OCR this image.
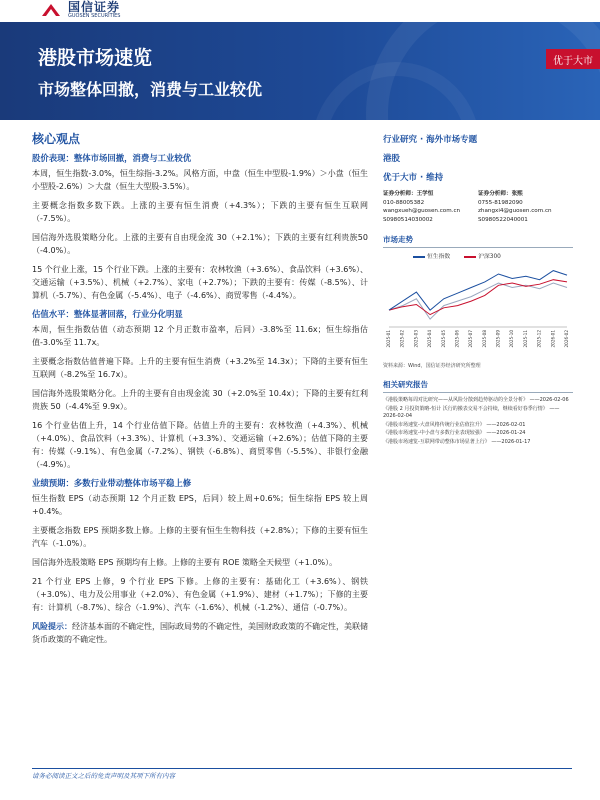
国信证券
GUOSEN SECURITIES
港股市场速览
市场整体回撤，消费与工业较优
优于大市
核心观点
股价表现：整体市场回撤，消费与工业较优

本周，恒生指数-3.0%，恒生综指-3.2%。风格方面，中盘（恒生中型股-1.9%）＞小盘（恒生小型股-2.6%）＞大盘（恒生大型股-3.5%）。

主要概念指数多数下跌。上涨的主要有恒生消费（+4.3%）；下跌的主要有恒生互联网（-7.5%）。

国信海外选股策略分化。上涨的主要有自由现金流 30（+2.1%）；下跌的主要有红利贵族50（-4.0%）。

15 个行业上涨，15 个行业下跌。上涨的主要有：农林牧渔（+3.6%）、食品饮料（+3.6%）、交通运输（+3.5%）、机械（+2.7%）、家电（+2.7%）；下跌的主要有：传媒（-8.5%）、计算机（-5.7%）、有色金属（-5.4%）、电子（-4.6%）、商贸零售（-4.4%）。

估值水平：整体显著回落，行业分化明显

本周，恒生指数估值（动态预期 12 个月正数市盈率，后同）-3.8%至 11.6x；恒生综指估值-3.0%至 11.7x。

主要概念指数估值普遍下降。上升的主要有恒生消费（+3.2%至 14.3x）；下降的主要有恒生互联网（-8.2%至 16.7x）。

国信海外选股策略分化。上升的主要有自由现金流 30（+2.0%至 10.4x）；下降的主要有红利贵族 50（-4.4%至 9.9x）。

16 个行业估值上升，14 个行业估值下降。估值上升的主要有：农林牧渔（+4.3%）、机械（+4.0%）、食品饮料（+3.3%）、计算机（+3.3%）、交通运输（+2.6%）；估值下降的主要有：传媒（-9.1%）、有色金属（-7.2%）、钢铁（-6.8%）、商贸零售（-5.5%）、非银行金融（-4.9%）。

业绩预期：多数行业带动整体市场平稳上修

恒生指数 EPS（动态预期 12 个月正数 EPS，后同）较上周+0.6%；恒生综指 EPS 较上周+0.4%。

主要概念指数 EPS 预期多数上修。上修的主要有恒生生物科技（+2.8%）；下修的主要有恒生汽车（-1.0%）。

国信海外选股策略 EPS 预期均有上修。上修的主要有 ROE 策略全天候型（+1.0%）。

21 个行业 EPS 上修，9 个行业 EPS 下修。上修的主要有：基础化工（+3.6%）、钢铁（+3.0%）、电力及公用事业（+2.0%）、有色金属（+1.9%）、建材（+1.7%）；下修的主要有：计算机（-8.7%）、综合（-1.9%）、汽车（-1.6%）、机械（-1.2%）、通信（-0.7%）。

风险提示：经济基本面的不确定性，国际政局势的不确定性，美国财政政策的不确定性，美联储货币政策的不确定性。

行业研究 · 海外市场专题
港股
优于大市 · 维持
证券分析师：王学恒
010-88005382
wangxueh@guosen.com.cn
S0980514030002
证券分析师：张熙
0755-81982090
zhangxi4@guosen.com.cn
S0980522040001
市场走势
恒生指数	沪深300
2025-01 2025-02 2025-03 2025-04 2025-05 2025-06 2025-07 2025-08 2025-09 2025-10 2025-11 2025-12 2026-01 2026-02
资料来源：Wind，国信证券经济研究所整理
相关研究报告
《港股策略每周对比研究——从风险分散到趋势驱动的全景分析》 ——2026-02-06
《港股 2 月投资策略-恒计 沃行的搬表交易不会持续，继续看好春季行情》 ——2026-02-04
《港股市场速览-大盘风格传统行业估值拉升》 ——2026-02-01
《港股市场速览-中小盘与多数行业表现较强》 ——2026-01-24
《港股市场速览-互联网带动整体市场显著上行》 ——2026-01-17
请务必阅读正文之后的免责声明及其项下所有内容
